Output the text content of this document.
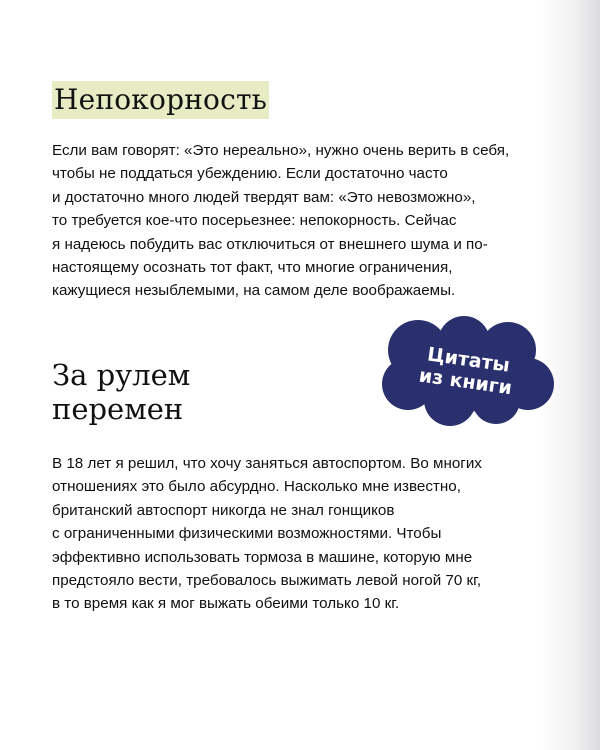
Непокорность

Если вам говорят: «Это нереально», нужно очень верить в себя,
чтобы не поддаться убеждению. Если достаточно часто
и достаточно много людей твердят вам: «Это невозможно»,
то требуется кое-что посерьезнее: непокорность. Сейчас
я надеюсь побудить вас отключиться от внешнего шума и по-
настоящему осознать тот факт, что многие ограничения,
кажущиеся незыблемыми, на самом деле воображаемы.

Цитаты
из книги
За рулем
перемен

В 18 лет я решил, что хочу заняться автоспортом. Во многих
отношениях это было абсурдно. Насколько мне известно,
британский автоспорт никогда не знал гонщиков
с ограниченными физическими возможностями. Чтобы
эффективно использовать тормоза в машине, которую мне
предстояло вести, требовалось выжимать левой ногой 70 кг,
в то время как я мог выжать обеими только 10 кг.
